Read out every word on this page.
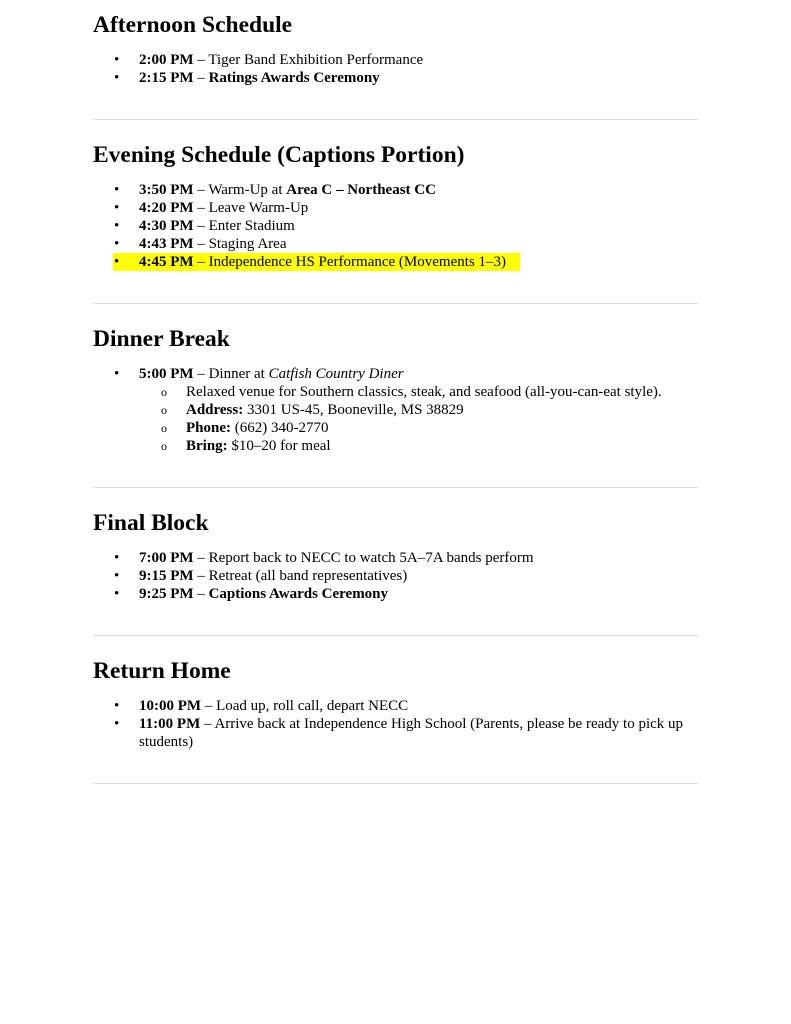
Afternoon Schedule
• 2:00 PM – Tiger Band Exhibition Performance
• 2:15 PM – Ratings Awards Ceremony
Evening Schedule (Captions Portion)
• 3:50 PM – Warm-Up at Area C – Northeast CC
• 4:20 PM – Leave Warm-Up
• 4:30 PM – Enter Stadium
• 4:43 PM – Staging Area
• 4:45 PM – Independence HS Performance (Movements 1–3)
Dinner Break
• 5:00 PM – Dinner at Catfish Country Diner
o Relaxed venue for Southern classics, steak, and seafood (all-you-can-eat style).
o Address: 3301 US-45, Booneville, MS 38829
o Phone: (662) 340-2770
o Bring: $10–20 for meal
Final Block
• 7:00 PM – Report back to NECC to watch 5A–7A bands perform
• 9:15 PM – Retreat (all band representatives)
• 9:25 PM – Captions Awards Ceremony
Return Home
• 10:00 PM – Load up, roll call, depart NECC
• 11:00 PM – Arrive back at Independence High School (Parents, please be ready to pick up students)
